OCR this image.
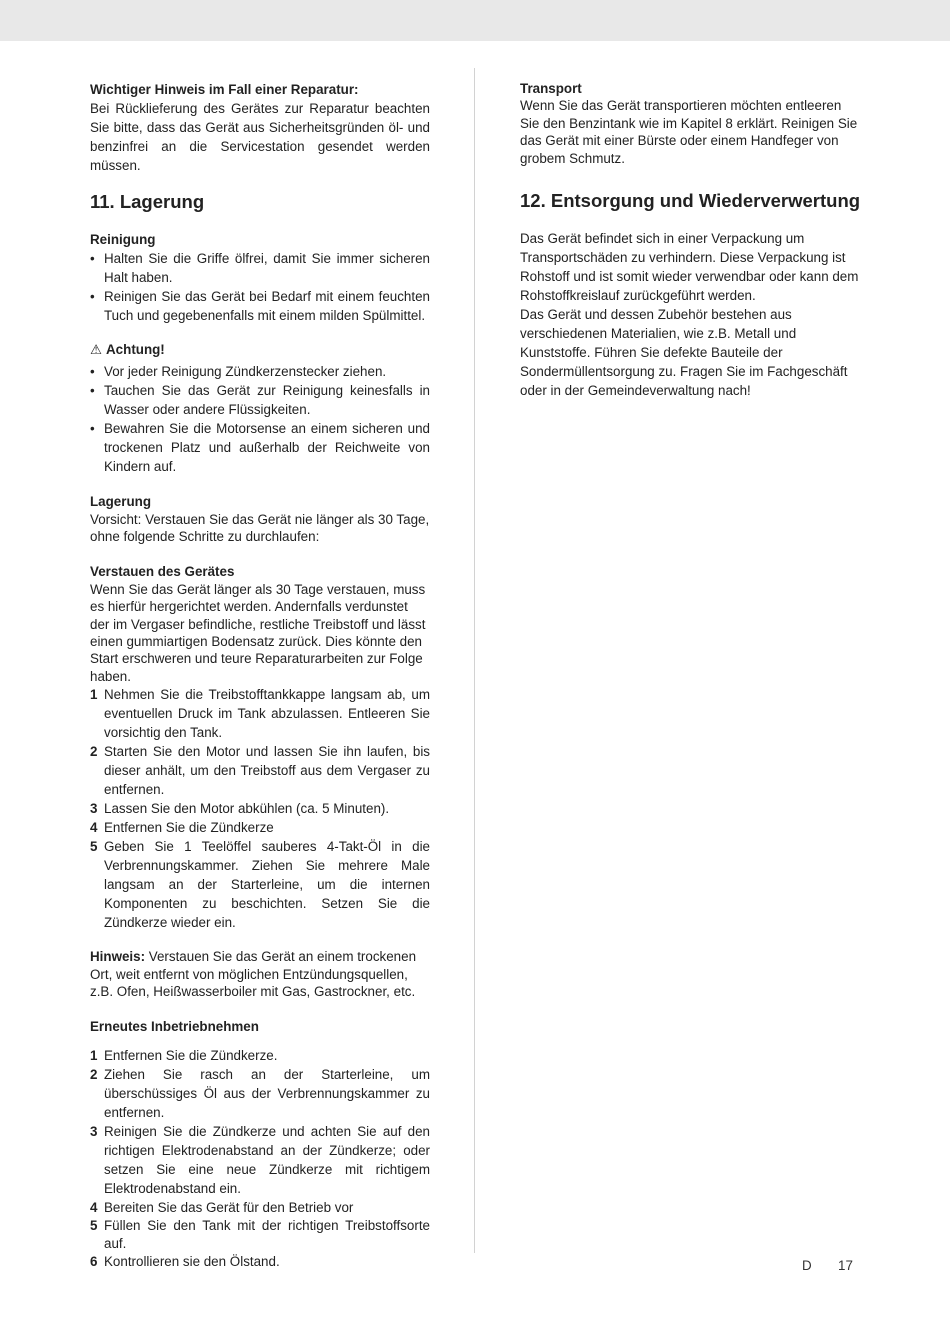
Wichtiger Hinweis im Fall einer Reparatur:

Bei Rücklieferung des Gerätes zur Reparatur beachten Sie bitte, dass das Gerät aus Sicherheitsgründen öl- und benzinfrei an die Servicestation gesendet werden müssen.

11. Lagerung

Reinigung

• Halten Sie die Griffe ölfrei, damit Sie immer sicheren Halt haben.
• Reinigen Sie das Gerät bei Bedarf mit einem feuchten Tuch und gegebenenfalls mit einem milden Spülmittel.

⚠ Achtung!

• Vor jeder Reinigung Zündkerzenstecker ziehen.
• Tauchen Sie das Gerät zur Reinigung keinesfalls in Wasser oder andere Flüssigkeiten.
• Bewahren Sie die Motorsense an einem sicheren und trockenen Platz und außerhalb der Reichweite von Kindern auf.

Lagerung

Vorsicht: Verstauen Sie das Gerät nie länger als 30 Tage, ohne folgende Schritte zu durchlaufen:

Verstauen des Gerätes

Wenn Sie das Gerät länger als 30 Tage verstauen, muss es hierfür hergerichtet werden. Andernfalls verdunstet der im Vergaser befindliche, restliche Treibstoff und lässt einen gummiartigen Bodensatz zurück. Dies könnte den Start erschweren und teure Reparaturarbeiten zur Folge haben.

1 Nehmen Sie die Treibstofftankkappe langsam ab, um eventuellen Druck im Tank abzulassen. Entleeren Sie vorsichtig den Tank.
2 Starten Sie den Motor und lassen Sie ihn laufen, bis dieser anhält, um den Treibstoff aus dem Vergaser zu entfernen.
3 Lassen Sie den Motor abkühlen (ca. 5 Minuten).
4 Entfernen Sie die Zündkerze
5 Geben Sie 1 Teelöffel sauberes 4-Takt-Öl in die Verbrennungskammer. Ziehen Sie mehrere Male langsam an der Starterleine, um die internen Komponenten zu beschichten. Setzen Sie die Zündkerze wieder ein.

Hinweis: Verstauen Sie das Gerät an einem trockenen Ort, weit entfernt von möglichen Entzündungsquellen, z.B. Ofen, Heißwasserboiler mit Gas, Gastrockner, etc.

Erneutes Inbetriebnehmen

1 Entfernen Sie die Zündkerze.
2 Ziehen Sie rasch an der Starterleine, um überschüssiges Öl aus der Verbrennungskammer zu entfernen.
3 Reinigen Sie die Zündkerze und achten Sie auf den richtigen Elektrodenabstand an der Zündkerze; oder setzen Sie eine neue Zündkerze mit richtigem Elektrodenabstand ein.
4 Bereiten Sie das Gerät für den Betrieb vor
5 Füllen Sie den Tank mit der richtigen Treibstoffsorte auf.
6 Kontrollieren sie den Ölstand.

Transport

Wenn Sie das Gerät transportieren möchten entleeren Sie den Benzintank wie im Kapitel 8 erklärt. Reinigen Sie das Gerät mit einer Bürste oder einem Handfeger von grobem Schmutz.

12. Entsorgung und Wiederverwertung

Das Gerät befindet sich in einer Verpackung um Transportschäden zu verhindern. Diese Verpackung ist Rohstoff und ist somit wieder verwendbar oder kann dem Rohstoffkreislauf zurückgeführt werden.

Das Gerät und dessen Zubehör bestehen aus verschiedenen Materialien, wie z.B. Metall und Kunststoffe. Führen Sie defekte Bauteile der Sondermüllentsorgung zu. Fragen Sie im Fachgeschäft oder in der Gemeindeverwaltung nach!

D 17
